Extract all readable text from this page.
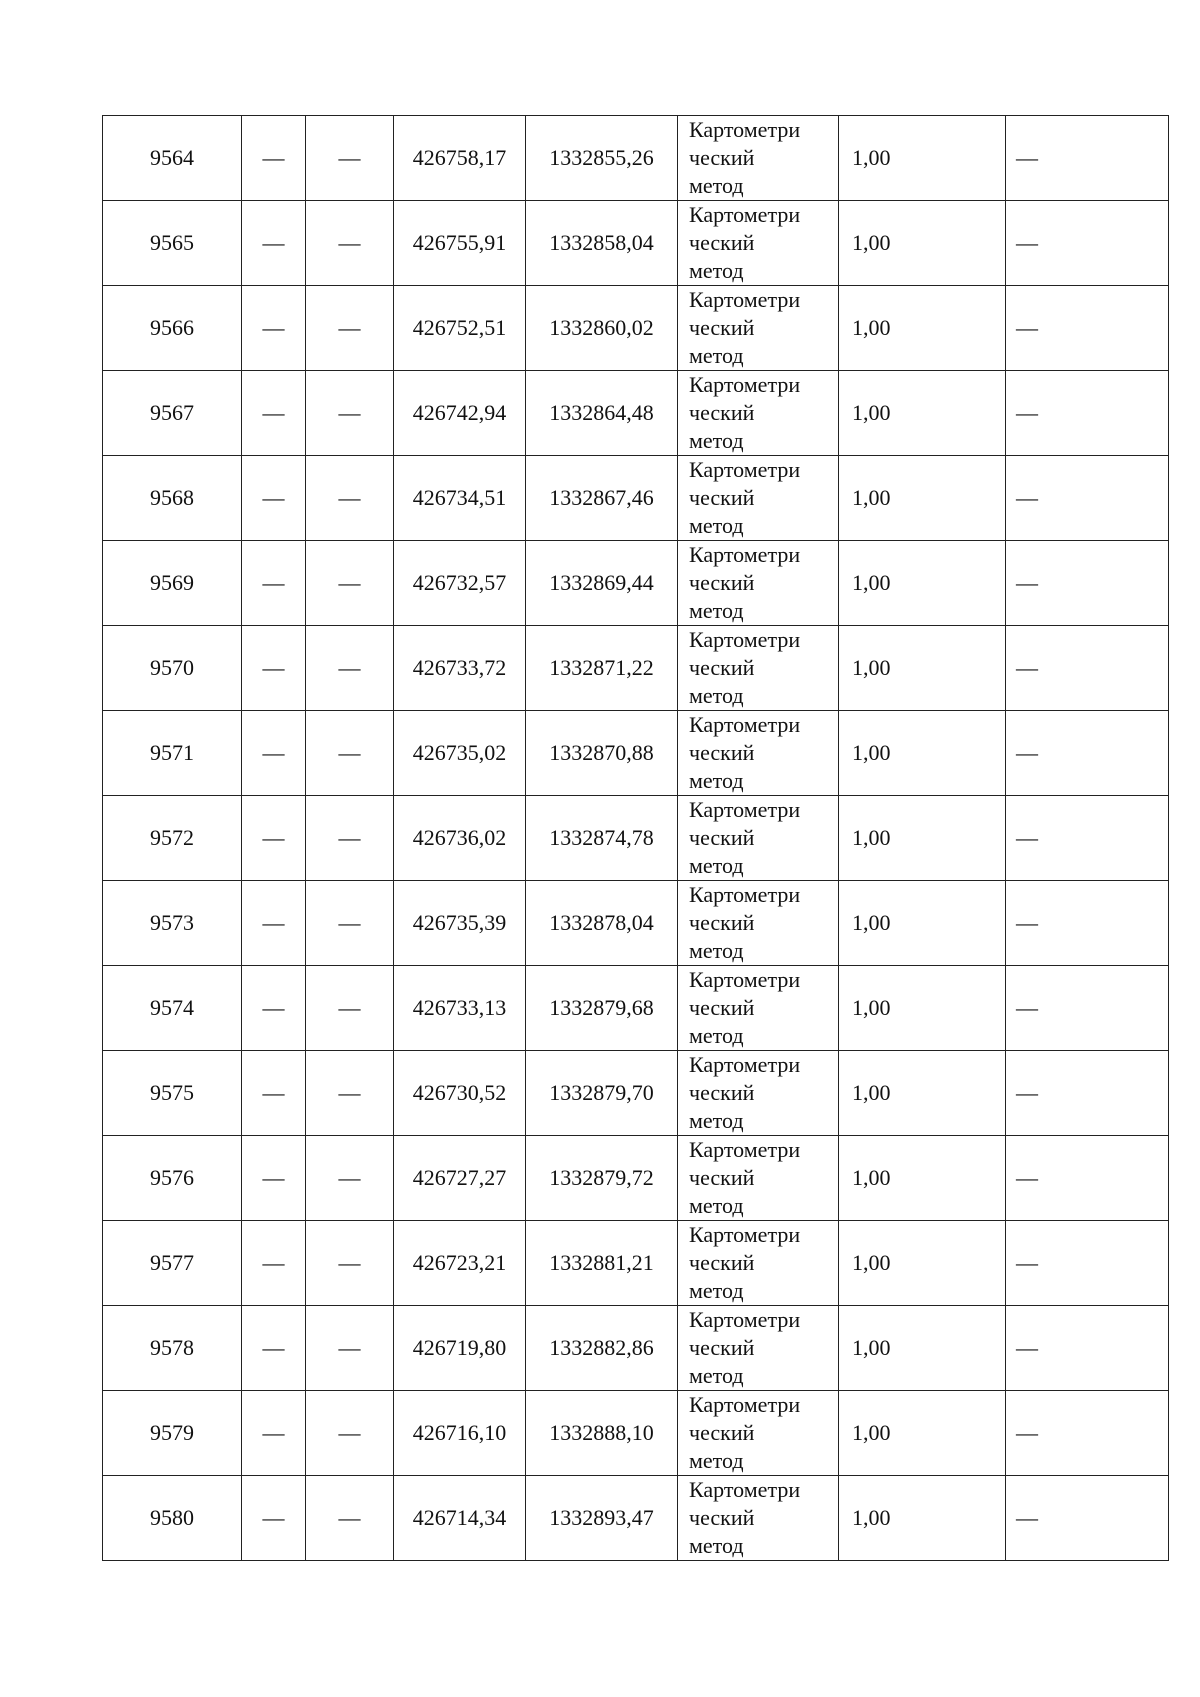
9564	—	—	426758,17	1332855,26	Картометри
ческий
метод	1,00	—
9565	—	—	426755,91	1332858,04	Картометри
ческий
метод	1,00	—
9566	—	—	426752,51	1332860,02	Картометри
ческий
метод	1,00	—
9567	—	—	426742,94	1332864,48	Картометри
ческий
метод	1,00	—
9568	—	—	426734,51	1332867,46	Картометри
ческий
метод	1,00	—
9569	—	—	426732,57	1332869,44	Картометри
ческий
метод	1,00	—
9570	—	—	426733,72	1332871,22	Картометри
ческий
метод	1,00	—
9571	—	—	426735,02	1332870,88	Картометри
ческий
метод	1,00	—
9572	—	—	426736,02	1332874,78	Картометри
ческий
метод	1,00	—
9573	—	—	426735,39	1332878,04	Картометри
ческий
метод	1,00	—
9574	—	—	426733,13	1332879,68	Картометри
ческий
метод	1,00	—
9575	—	—	426730,52	1332879,70	Картометри
ческий
метод	1,00	—
9576	—	—	426727,27	1332879,72	Картометри
ческий
метод	1,00	—
9577	—	—	426723,21	1332881,21	Картометри
ческий
метод	1,00	—
9578	—	—	426719,80	1332882,86	Картометри
ческий
метод	1,00	—
9579	—	—	426716,10	1332888,10	Картометри
ческий
метод	1,00	—
9580	—	—	426714,34	1332893,47	Картометри
ческий
метод	1,00	—
